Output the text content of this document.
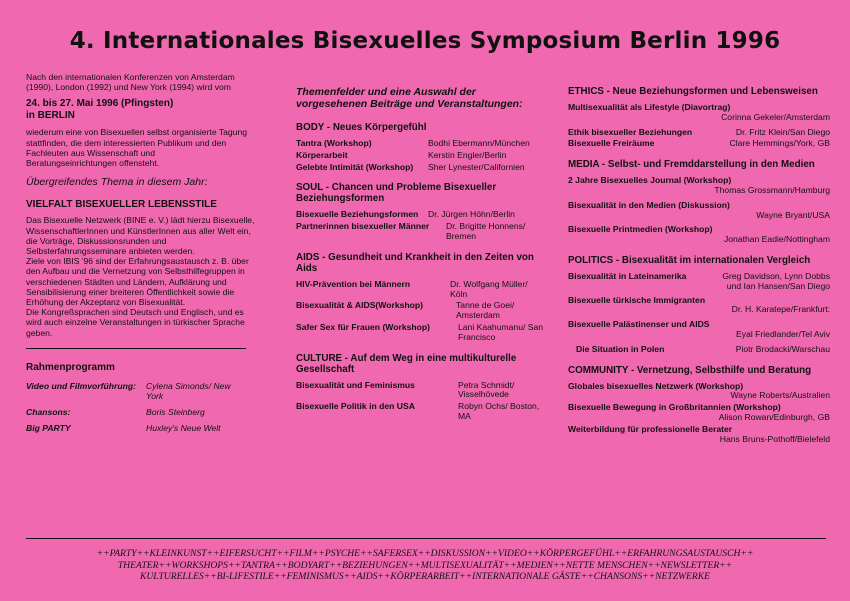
4. Internationales Bisexuelles Symposium Berlin 1996

Nach den internationalen Konferenzen von Amsterdam (1990), London (1992) und New York (1994) wird vom

24. bis 27. Mai 1996 (Pfingsten)
in BERLIN

wiederum eine von Bisexuellen selbst organisierte Tagung stattfinden, die dem interessierten Publikum und den Fachleuten aus Wissenschaft und

Beratungseinrichtungen offensteht.

Übergreifendes Thema in diesem Jahr:

VIELFALT BISEXUELLER LEBENSSTILE

Das Bisexuelle Netzwerk (BINE e. V.) lädt hierzu Bisexuelle, WissenschaftlerInnen und KünstlerInnen aus aller Welt ein, die Vorträge, Diskussionsrunden und Selbsterfahrungsseminare anbieten werden.

Ziele von IBIS '96 sind der Erfahrungsaustausch z. B. über den Aufbau und die Vernetzung von Selbsthilfegruppen in verschiedenen Städten und Ländern, Aufklärung und Sensibilisierung einer breiteren Öffentlichkeit sowie die Erhöhung der Akzeptanz von Bisexualität.

Die Kongreßsprachen sind Deutsch und Englisch, und es wird auch einzelne Veranstaltungen in türkischer Sprache geben.

Rahmenprogramm
Video und Filmvorführung:	Cylena Simonds/ New York
Chansons:	Boris Steinberg
Big PARTY	Huxley's Neue Welt

Themenfelder und eine Auswahl der vorgesehenen Beiträge und Veranstaltungen:

BODY - Neues Körpergefühl
Tantra (Workshop)	Bodhi Ebermann/München
Körperarbeit	Kerstin Engler/Berlin
Gelebte Intimität (Workshop) Sher Lynester/Californien
SOUL - Chancen und Probleme Bisexueller Beziehungsformen
Bisexuelle Beziehungsformen Dr. Jürgen Höhn/Berlin
Partnerinnen bisexueller Männer Dr. Brigitte Honnens/ Bremen
AIDS - Gesundheit und Krankheit in den Zeiten von Aids
HIV-Prävention bei Männern	Dr. Wolfgang Müller/ Köln
Bisexualität & AIDS(Workshop)	Tanne de Goei/ Amsterdam
Safer Sex für Frauen (Workshop)	Lani Kaahumanu/ San Francisco
CULTURE - Auf dem Weg in eine multikulturelle Gesellschaft
Bisexualität und Feminismus	Petra Schmidt/ Visselhövede
Bisexuelle Politik in den USA	Robyn Ochs/ Boston, MA
ETHICS - Neue Beziehungsformen und Lebensweisen
Multisexualität als Lifestyle (Diavortrag)
Corinna Gekeler/Amsterdam
Ethik bisexueller Beziehungen	Dr. Fritz Klein/San Diego
Bisexuelle Freiräume	Clare Hemmings/York, GB
MEDIA - Selbst- und Fremddarstellung in den Medien
2 Jahre Bisexuelles Journal (Workshop)
Thomas Grossmann/Hamburg
Bisexualität in den Medien (Diskussion)
Wayne Bryant/USA
Bisexuelle Printmedien (Workshop)
Jonathan Eadie/Nottingham
POLITICS - Bisexualität im internationalen Vergleich
Bisexualität in Lateinamerika	Greg Davidson, Lynn Dobbs und Ian Hansen/San Diego
Bisexuelle türkische Immigranten
Dr. H. Karatepe/Frankfurt:
Bisexuelle Palästinenser und AIDS
Eyal Fried​lander/Tel Aviv
Die Situation in Polen	Piotr Brodacki/Warschau
COMMUNITY - Vernetzung, Selbsthilfe und Beratung
Globales bisexuelles Netzwerk (Workshop)
Wayne Roberts/Australien
Bisexuelle Bewegung in Großbritannien (Workshop)
Alison Rowan/Edinburgh, GB
Weiterbildung für professionelle Berater
Hans Bruns-Pothoff/Bielefeld
++PARTY++KLEINKUNST++EIFERSUCHT++FILM++PSYCHE++SAFERSEX++DISKUSSION++VIDEO++KÖRPERGEFÜHL++ERFAHRUNGSAUSTAUSCH++
THEATER++WORKSHOPS++TANTRA++BODYART++BEZIEHUNGEN++MULTISEXUALITÄT++MEDIEN++NETTE MENSCHEN++NEWSLETTER++
KULTURELLES++BI-LIFESTILE++FEMINISMUS++AIDS++KÖRPERARBEIT++INTERNATIONALE GÄSTE++CHANSONS++NETZWERKE
